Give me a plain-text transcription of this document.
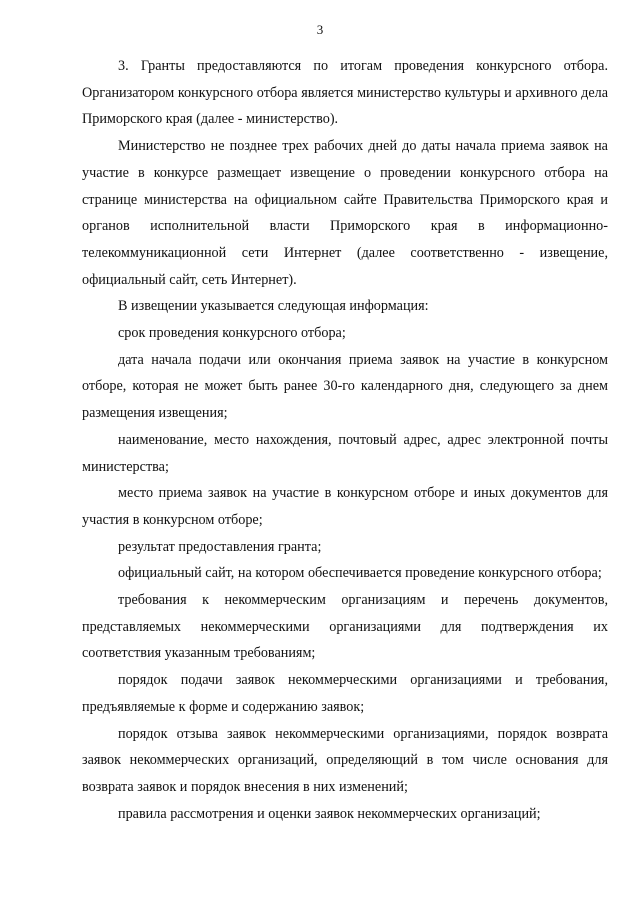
3

3. Гранты предоставляются по итогам проведения конкурсного отбора. Организатором конкурсного отбора является министерство культуры и архивного дела Приморского края (далее - министерство).

Министерство не позднее трех рабочих дней до даты начала приема заявок на участие в конкурсе размещает извещение о проведении конкурсного отбора на странице министерства на официальном сайте Правительства Приморского края и органов исполнительной власти Приморского края в информационно-телекоммуникационной сети Интернет (далее соответственно - извещение, официальный сайт, сеть Интернет).

В извещении указывается следующая информация:

срок проведения конкурсного отбора;

дата начала подачи или окончания приема заявок на участие в конкурсном отборе, которая не может быть ранее 30-го календарного дня, следующего за днем размещения извещения;

наименование, место нахождения, почтовый адрес, адрес электронной почты министерства;

место приема заявок на участие в конкурсном отборе и иных документов для участия в конкурсном отборе;

результат предоставления гранта;

официальный сайт, на котором обеспечивается проведение конкурсного отбора;

требования к некоммерческим организациям и перечень документов, представляемых некоммерческими организациями для подтверждения их соответствия указанным требованиям;

порядок подачи заявок некоммерческими организациями и требования, предъявляемые к форме и содержанию заявок;

порядок отзыва заявок некоммерческими организациями, порядок возврата заявок некоммерческих организаций, определяющий в том числе основания для возврата заявок и порядок внесения в них изменений;

правила рассмотрения и оценки заявок некоммерческих организаций;
